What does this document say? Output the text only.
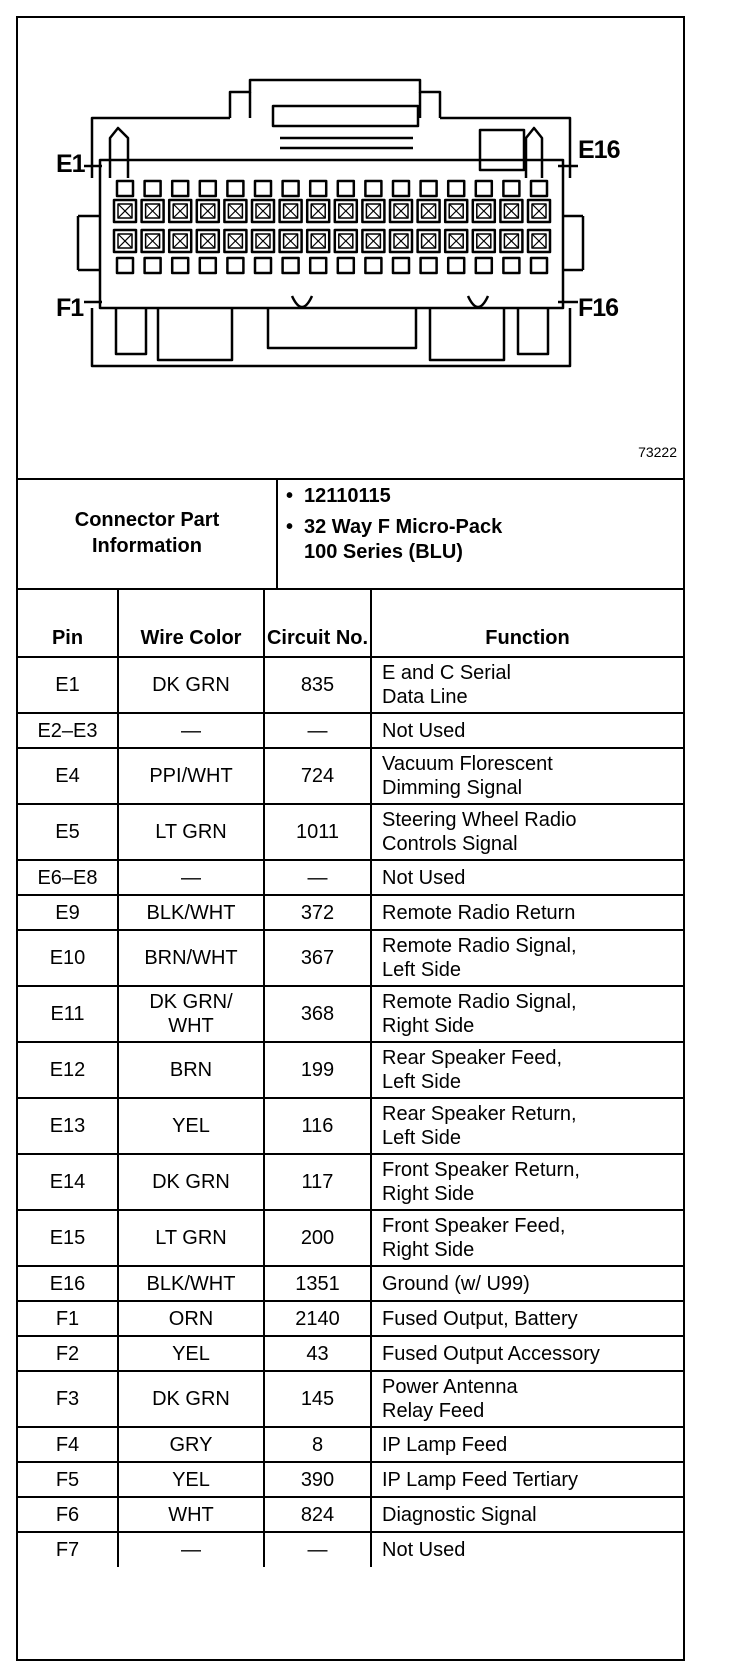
E1	E16
F1	F16
73222
Connector Part Information
• 12110115
• 32 Way F Micro-Pack
100 Series (BLU)
Pin	Wire Color	Circuit No.	Function
E1	DK GRN	835	E and C Serial
Data Line
E2–E3	—	—	Not Used
E4	PPI/WHT	724	Vacuum Florescent
Dimming Signal
E5	LT GRN	1011	Steering Wheel Radio
Controls Signal
E6–E8	—	—	Not Used
E9	BLK/WHT	372	Remote Radio Return
E10	BRN/WHT	367	Remote Radio Signal,
Left Side
E11	DK GRN/
WHT	368	Remote Radio Signal,
Right Side
E12	BRN	199	Rear Speaker Feed,
Left Side
E13	YEL	116	Rear Speaker Return,
Left Side
E14	DK GRN	117	Front Speaker Return,
Right Side
E15	LT GRN	200	Front Speaker Feed,
Right Side
E16	BLK/WHT	1351	Ground (w/ U99)
F1	ORN	2140	Fused Output, Battery
F2	YEL	43	Fused Output Accessory
F3	DK GRN	145	Power Antenna
Relay Feed
F4	GRY	8	IP Lamp Feed
F5	YEL	390	IP Lamp Feed Tertiary
F6	WHT	824	Diagnostic Signal
F7	—	—	Not Used
